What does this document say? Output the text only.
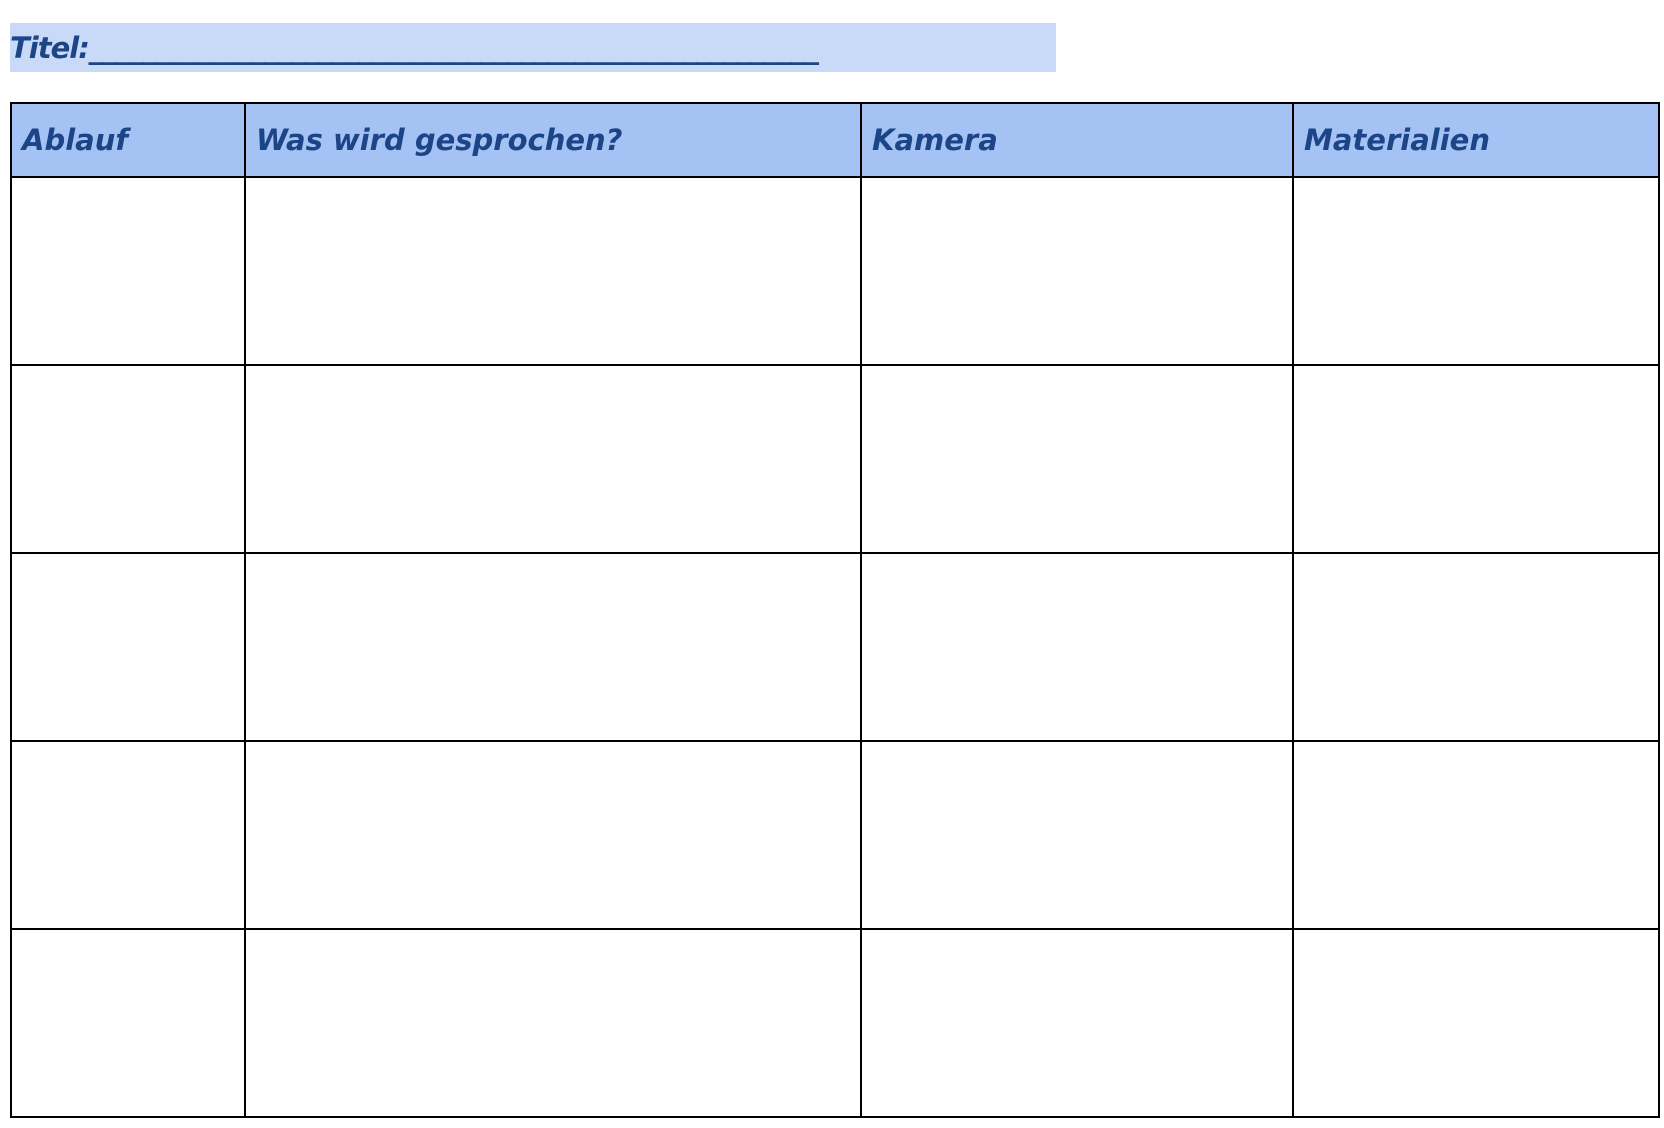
Titel:______________________________________________________
Ablauf	Was wird gesprochen?	Kamera	Materialien
